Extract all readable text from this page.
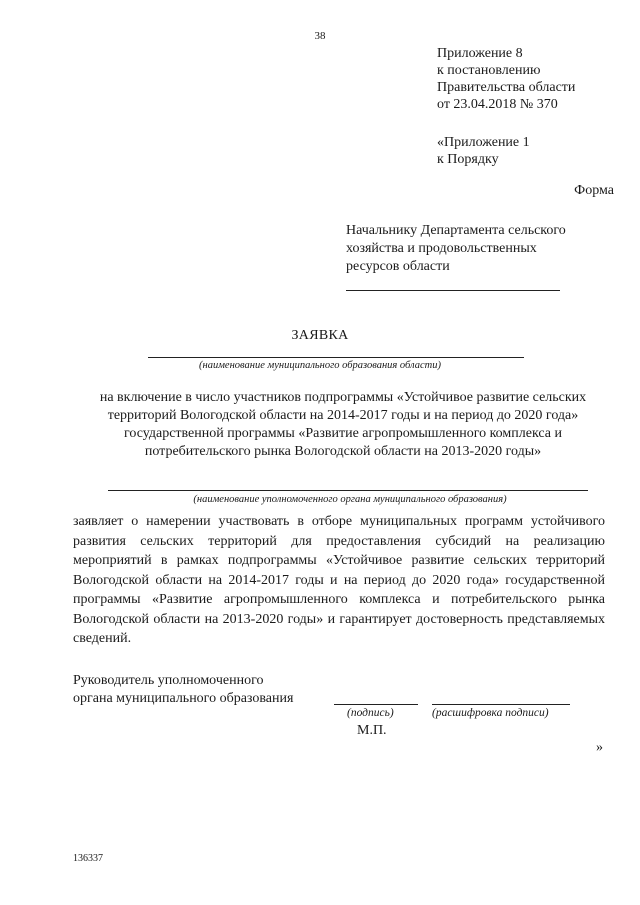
38
Приложение 8
к постановлению
Правительства области
от 23.04.2018 № 370
«Приложение 1
к Порядку
Форма
Начальнику Департамента сельского
хозяйства и продовольственных
ресурсов области
ЗАЯВКА
(наименование муниципального образования области)
на включение в число участников подпрограммы «Устойчивое развитие сельских территорий Вологодской области на 2014-2017 годы и на период до 2020 года» государственной программы «Развитие агропромышленного комплекса и потребительского рынка Вологодской области на 2013-2020 годы»
(наименование уполномоченного органа муниципального образования)
заявляет о намерении участвовать в отборе муниципальных программ устойчивого развития сельских территорий для предоставления субсидий на реализацию мероприятий в рамках подпрограммы «Устойчивое развитие сельских территорий Вологодской области на 2014-2017 годы и на период до 2020 года» государственной программы «Развитие агропромышленного комплекса и потребительского рынка Вологодской области на 2013-2020 годы» и гарантирует достоверность представляемых сведений.
Руководитель уполномоченного
органа муниципального образования
(подпись)	(расшифровка подписи)
М.П.
»
136337
